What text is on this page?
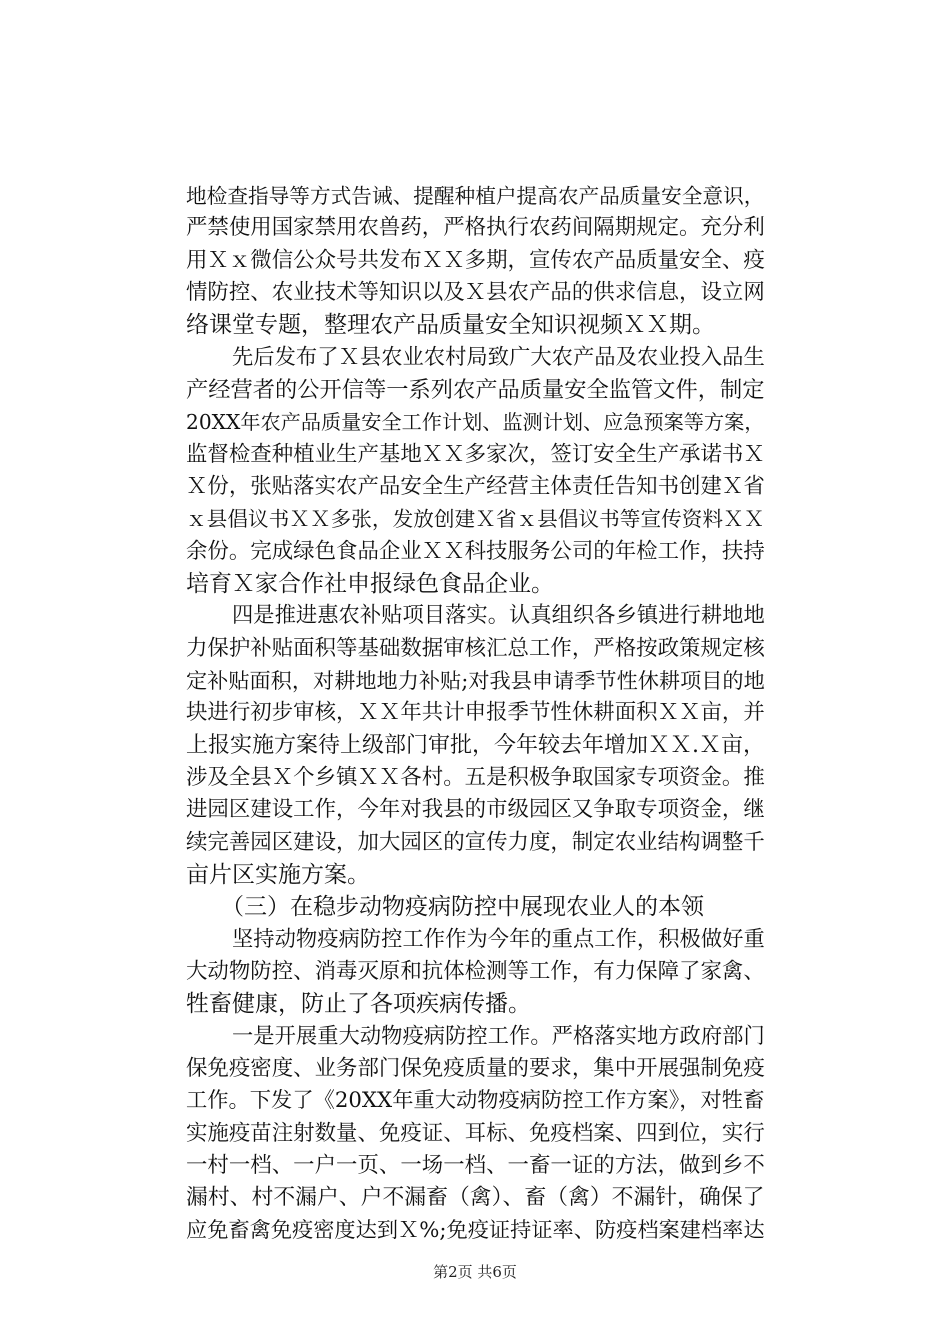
地检查指导等方式告诫、提醒种植户提高农产品质量安全意识，
严禁使用国家禁用农兽药，严格执行农药间隔期规定。充分利
用Ｘｘ微信公众号共发布ＸＸ多期，宣传农产品质量安全、疫
情防控、农业技术等知识以及Ｘ县农产品的供求信息，设立网
络课堂专题，整理农产品质量安全知识视频ＸＸ期。
先后发布了Ｘ县农业农村局致广大农产品及农业投入品生
产经营者的公开信等一系列农产品质量安全监管文件，制定
20XX年农产品质量安全工作计划、监测计划、应急预案等方案，
监督检查种植业生产基地ＸＸ多家次，签订安全生产承诺书Ｘ
Ｘ份，张贴落实农产品安全生产经营主体责任告知书创建Ｘ省
ｘ县倡议书ＸＸ多张，发放创建Ｘ省ｘ县倡议书等宣传资料ＸＸ
余份。完成绿色食品企业ＸＸ科技服务公司的年检工作，扶持
培育Ｘ家合作社申报绿色食品企业。
四是推进惠农补贴项目落实。认真组织各乡镇进行耕地地
力保护补贴面积等基础数据审核汇总工作，严格按政策规定核
定补贴面积，对耕地地力补贴;对我县申请季节性休耕项目的地
块进行初步审核，ＸＸ年共计申报季节性休耕面积ＸＸ亩，并
上报实施方案待上级部门审批，今年较去年增加ＸＸ.Ｘ亩，
涉及全县Ｘ个乡镇ＸＸ各村。五是积极争取国家专项资金。推
进园区建设工作，今年对我县的市级园区又争取专项资金，继
续完善园区建设，加大园区的宣传力度，制定农业结构调整千
亩片区实施方案。
（三）在稳步动物疫病防控中展现农业人的本领
坚持动物疫病防控工作作为今年的重点工作，积极做好重
大动物防控、消毒灭原和抗体检测等工作，有力保障了家禽、
牲畜健康，防止了各项疾病传播。
一是开展重大动物疫病防控工作。严格落实地方政府部门
保免疫密度、业务部门保免疫质量的要求，集中开展强制免疫
工作。下发了《20XX年重大动物疫病防控工作方案》，对牲畜
实施疫苗注射数量、免疫证、耳标、免疫档案、四到位，实行
一村一档、一户一页、一场一档、一畜一证的方法，做到乡不
漏村、村不漏户、户不漏畜（禽）、畜（禽）不漏针，确保了
应免畜禽免疫密度达到Ｘ%;免疫证持证率、防疫档案建档率达
第2页 共6页
